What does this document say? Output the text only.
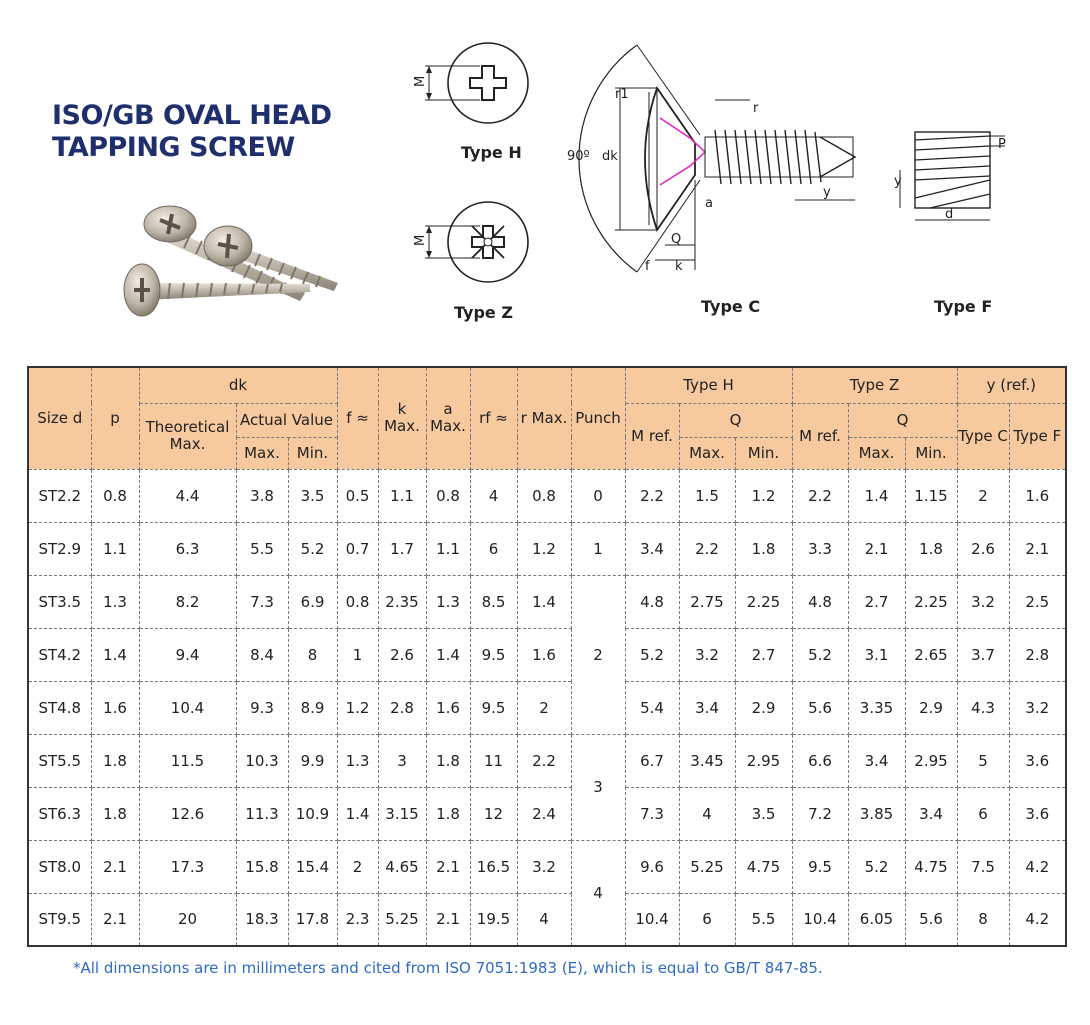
ISO/GB OVAL HEAD
TAPPING SCREW
M
Type H
M
Type Z
r1
r
90º dk
a
y
Q
f k
Type C
P
y
d
Type F
Size d	p	dk			f ≈	k Max.	a Max.	rf ≈	r Max.	Punch	Type H			Type Z			y (ref.)	
		Theoretical Max.	Actual Value								M ref.	Q		M ref.	Q		Type C	Type F
			Max.	Min.								Max.	Min.		Max.	Min.		
ST2.2	0.8	4.4	3.8	3.5	0.5	1.1	0.8	4	0.8	0	2.2	1.5	1.2	2.2	1.4	1.15	2	1.6
ST2.9	1.1	6.3	5.5	5.2	0.7	1.7	1.1	6	1.2	1	3.4	2.2	1.8	3.3	2.1	1.8	2.6	2.1
ST3.5	1.3	8.2	7.3	6.9	0.8	2.35	1.3	8.5	1.4	2	4.8	2.75	2.25	4.8	2.7	2.25	3.2	2.5
ST4.2	1.4	9.4	8.4	8	1	2.6	1.4	9.5	1.6		5.2	3.2	2.7	5.2	3.1	2.65	3.7	2.8
ST4.8	1.6	10.4	9.3	8.9	1.2	2.8	1.6	9.5	2		5.4	3.4	2.9	5.6	3.35	2.9	4.3	3.2
ST5.5	1.8	11.5	10.3	9.9	1.3	3	1.8	11	2.2	3	6.7	3.45	2.95	6.6	3.4	2.95	5	3.6
ST6.3	1.8	12.6	11.3	10.9	1.4	3.15	1.8	12	2.4		7.3	4	3.5	7.2	3.85	3.4	6	3.6
ST8.0	2.1	17.3	15.8	15.4	2	4.65	2.1	16.5	3.2	4	9.6	5.25	4.75	9.5	5.2	4.75	7.5	4.2
ST9.5	2.1	20	18.3	17.8	2.3	5.25	2.1	19.5	4		10.4	6	5.5	10.4	6.05	5.6	8	4.2

*All dimensions are in millimeters and cited from ISO 7051:1983 (E), which is equal to GB/T 847-85.
